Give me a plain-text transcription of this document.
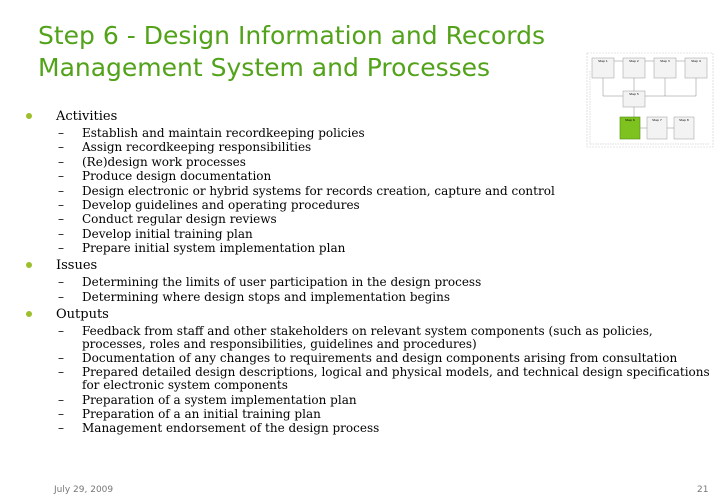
Step 6 - Design Information and Records
Management System and Processes	Step 1	Step 2	Step 3	Step 4
Step 5
Step 6	Step 7	Step 8
Activities
– Establish and maintain recordkeeping policies
– Assign recordkeeping responsibilities
– (Re)design work processes
– Produce design documentation
– Design electronic or hybrid systems for records creation, capture and control
– Develop guidelines and operating procedures
– Conduct regular design reviews
– Develop initial training plan
– Prepare initial system implementation plan
Issues
– Determining the limits of user participation in the design process
– Determining where design stops and implementation begins
Outputs
– Feedback from staff and other stakeholders on relevant system components (such as policies, processes, roles and responsibilities, guidelines and procedures)
– Documentation of any changes to requirements and design components arising from consultation
– Prepared detailed design descriptions, logical and physical models, and technical design specifications for electronic system components
– Preparation of a system implementation plan
– Preparation of a an initial training plan
– Management endorsement of the design process
July 29, 2009	21
